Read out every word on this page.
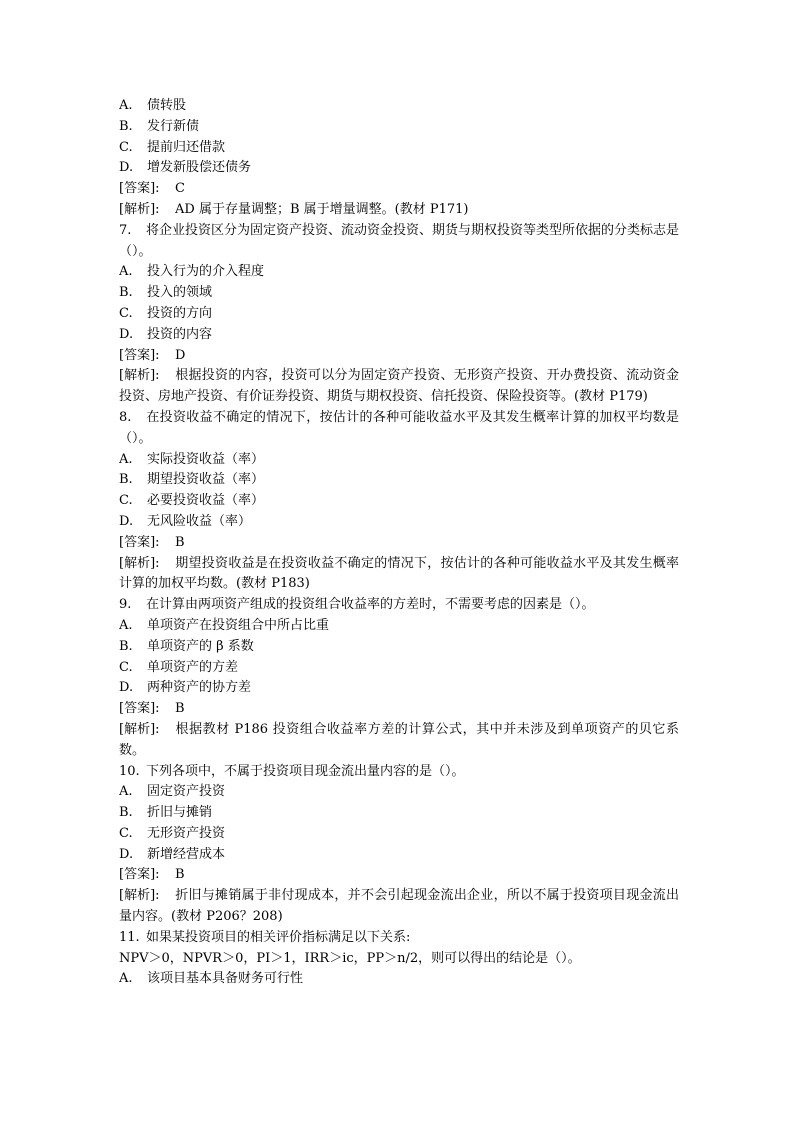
A. 债转股
B. 发行新债
C. 提前归还借款
D. 增发新股偿还债务
[答案]: C
[解析]: AD 属于存量调整；B 属于增量调整。(教材 P171)
7. 将企业投资区分为固定资产投资、流动资金投资、期货与期权投资等类型所依据的分类标志是（）。
A. 投入行为的介入程度
B. 投入的领域
C. 投资的方向
D. 投资的内容
[答案]: D
[解析]: 根据投资的内容，投资可以分为固定资产投资、无形资产投资、开办费投资、流动资金投资、房地产投资、有价证券投资、期货与期权投资、信托投资、保险投资等。(教材 P179)
8. 在投资收益不确定的情况下，按估计的各种可能收益水平及其发生概率计算的加权平均数是（）。
A. 实际投资收益（率）
B. 期望投资收益（率）
C. 必要投资收益（率）
D. 无风险收益（率）
[答案]: B
[解析]: 期望投资收益是在投资收益不确定的情况下，按估计的各种可能收益水平及其发生概率计算的加权平均数。(教材 P183)
9. 在计算由两项资产组成的投资组合收益率的方差时，不需要考虑的因素是（）。
A. 单项资产在投资组合中所占比重
B. 单项资产的 β 系数
C. 单项资产的方差
D. 两种资产的协方差
[答案]: B
[解析]: 根据教材 P186 投资组合收益率方差的计算公式，其中并未涉及到单项资产的贝它系数。
10. 下列各项中，不属于投资项目现金流出量内容的是（）。
A. 固定资产投资
B. 折旧与摊销
C. 无形资产投资
D. 新增经营成本
[答案]: B
[解析]: 折旧与摊销属于非付现成本，并不会引起现金流出企业，所以不属于投资项目现金流出量内容。(教材 P206？208)
11. 如果某投资项目的相关评价指标满足以下关系:
NPV＞0，NPVR＞0，PI＞1，IRR＞ic，PP＞n/2，则可以得出的结论是（）。
A. 该项目基本具备财务可行性
